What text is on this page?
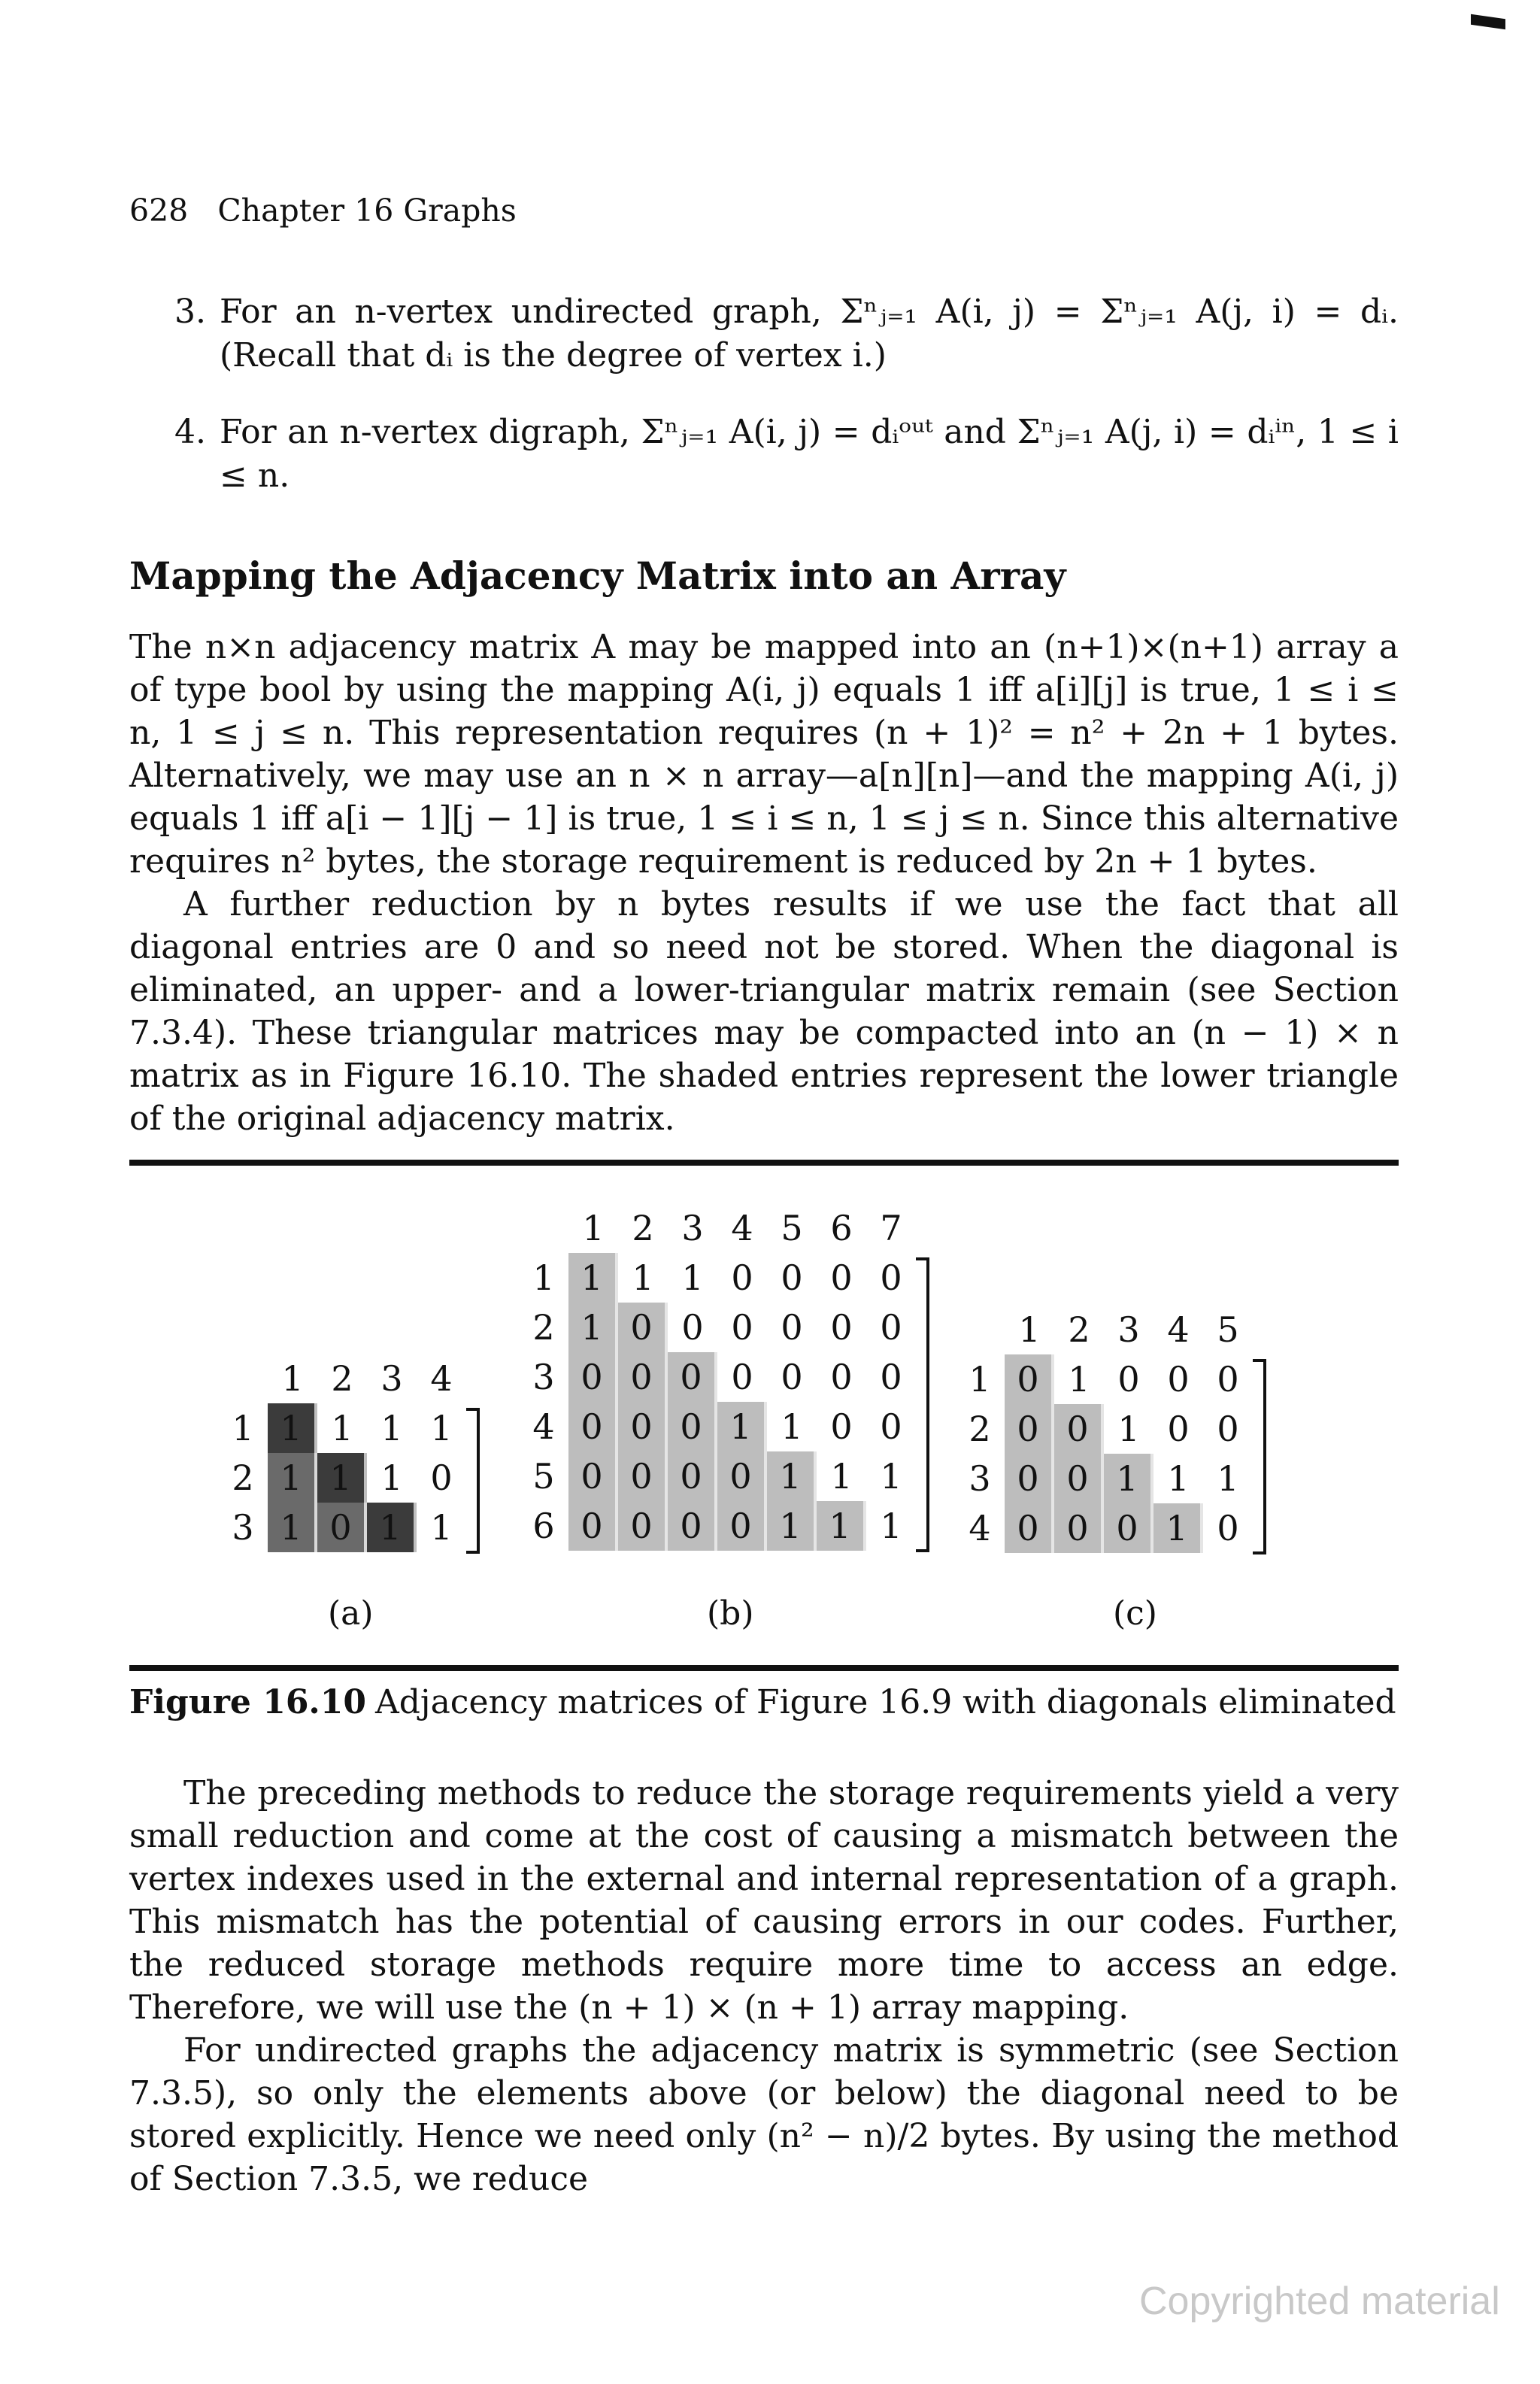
628 Chapter 16 Graphs
3. For an n-vertex undirected graph, Σⁿⱼ₌₁ A(i, j) = Σⁿⱼ₌₁ A(j, i) = dᵢ. (Recall that dᵢ is the degree of vertex i.)
4. For an n-vertex digraph, Σⁿⱼ₌₁ A(i, j) = dᵢᵒᵘᵗ and Σⁿⱼ₌₁ A(j, i) = dᵢⁱⁿ, 1 ≤ i ≤ n.
Mapping the Adjacency Matrix into an Array
The n×n adjacency matrix A may be mapped into an (n+1)×(n+1) array a of type bool by using the mapping A(i, j) equals 1 iff a[i][j] is true, 1 ≤ i ≤ n, 1 ≤ j ≤ n. This representation requires (n + 1)² = n² + 2n + 1 bytes. Alternatively, we may use an n × n array—a[n][n]—and the mapping A(i, j) equals 1 iff a[i − 1][j − 1] is true, 1 ≤ i ≤ n, 1 ≤ j ≤ n. Since this alternative requires n² bytes, the storage requirement is reduced by 2n + 1 bytes.
A further reduction by n bytes results if we use the fact that all diagonal entries are 0 and so need not be stored. When the diagonal is eliminated, an upper- and a lower-triangular matrix remain (see Section 7.3.4). These triangular matrices may be compacted into an (n − 1) × n matrix as in Figure 16.10. The shaded entries represent the lower triangle of the original adjacency matrix.
1 2 3 4
1
2
3
1 1 1 1
1 1 1 0
1 0 1 1
(a)
1 2 3 4 5 6 7
1
2
3
4
5
6
1 1 1 0 0 0 0
1 0 0 0 0 0 0
0 0 0 0 0 0 0
0 0 0 1 1 0 0
0 0 0 0 1 1 1
0 0 0 0 1 1 1
(b)
1 2 3 4 5
1
2
3
4
0 1 0 0 0
0 0 1 0 0
0 0 1 1 1
0 0 0 1 0
(c)
Figure 16.10 Adjacency matrices of Figure 16.9 with diagonals eliminated
The preceding methods to reduce the storage requirements yield a very small reduction and come at the cost of causing a mismatch between the vertex indexes used in the external and internal representation of a graph. This mismatch has the potential of causing errors in our codes. Further, the reduced storage methods require more time to access an edge. Therefore, we will use the (n + 1) × (n + 1) array mapping.
For undirected graphs the adjacency matrix is symmetric (see Section 7.3.5), so only the elements above (or below) the diagonal need to be stored explicitly. Hence we need only (n² − n)/2 bytes. By using the method of Section 7.3.5, we reduce
Copyrighted material
